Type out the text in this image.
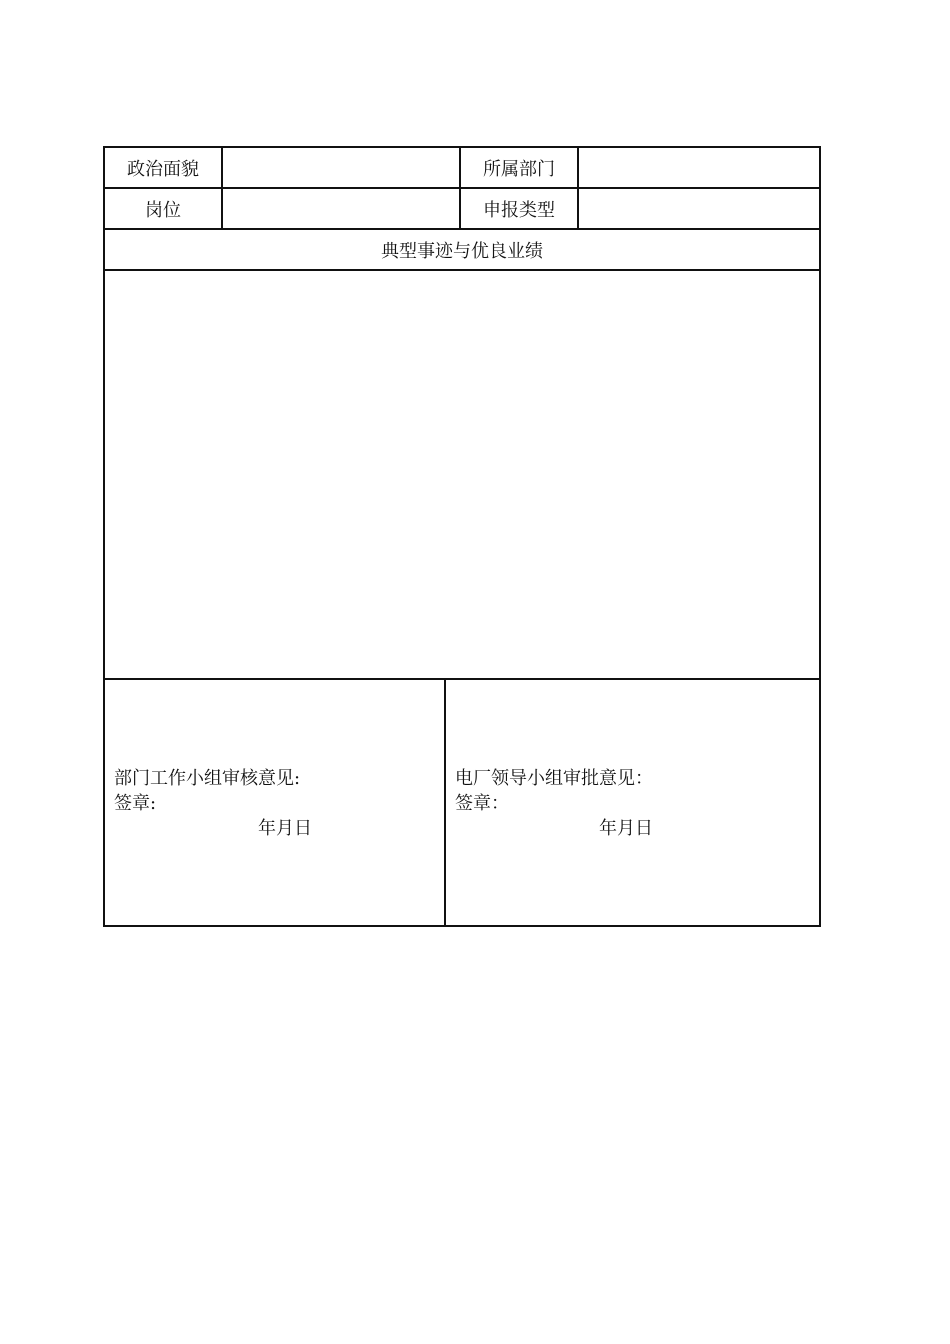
政治面貌	所属部门
岗位	申报类型
典型事迹与优良业绩
部门工作小组审核意见:
签章:
年月日
电厂领导小组审批意见：
签章：
年月日
